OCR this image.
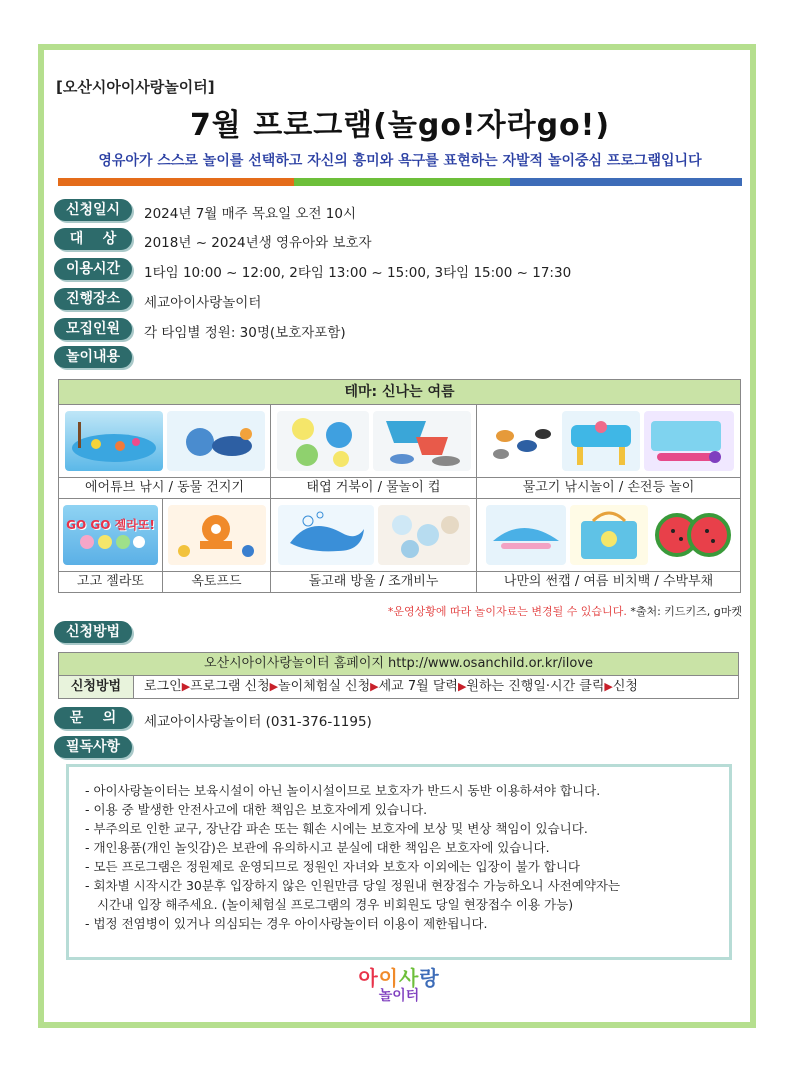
[오산시아이사랑놀이터]
7월 프로그램(놀go!자라go!)
영유아가 스스로 놀이를 선택하고 자신의 흥미와 욕구를 표현하는 자발적 놀이중심 프로그램입니다
신청일시	2024년 7월 매주 목요일 오전 10시
대    상	2018년 ~ 2024년생 영유아와 보호자
이용시간	1타임 10:00 ~ 12:00, 2타임 13:00 ~ 15:00, 3타임 15:00 ~ 17:30
진행장소	세교아이사랑놀이터
모집인원	각 타임별 정원: 30명(보호자포함)
놀이내용
테마: 신나는 여름
에어튜브 낚시 / 동물 건지기	태엽 거북이 / 물놀이 컵	물고기 낚시놀이 / 손전등 놀이
GO GO 젤라또!
고고 젤라또	옥토프드	돌고래 방울 / 조개비누	나만의 썬캡 / 여름 비치백 / 수박부채
*운영상황에 따라 놀이자료는 변경될 수 있습니다. *출처: 키드키즈, g마켓
신청방법
오산시아이사랑놀이터 홈페이지 http://www.osanchild.or.kr/ilove
신청방법	로그인▶프로그램 신청▶놀이체험실 신청▶세교 7월 달력▶원하는 진행일·시간 클릭▶신청
문    의	세교아이사랑놀이터 (031-376-1195)
필독사항
- 아이사랑놀이터는 보육시설이 아닌 놀이시설이므로 보호자가 반드시 동반 이용하셔야 합니다.
- 이용 중 발생한 안전사고에 대한 책임은 보호자에게 있습니다.
- 부주의로 인한 교구, 장난감 파손 또는 훼손 시에는 보호자에 보상 및 변상 책임이 있습니다.
- 개인용품(개인 놀잇감)은 보관에 유의하시고 분실에 대한 책임은 보호자에 있습니다.
- 모든 프로그램은 정원제로 운영되므로 정원인 자녀와 보호자 이외에는 입장이 불가 합니다
- 회차별 시작시간 30분후 입장하지 않은 인원만큼 당일 정원내 현장접수 가능하오니 사전예약자는
시간내 입장 해주세요. (놀이체험실 프로그램의 경우 비회원도 당일 현장접수 이용 가능)
- 법정 전염병이 있거나 의심되는 경우 아이사랑놀이터 이용이 제한됩니다.
아이사랑
놀이터
